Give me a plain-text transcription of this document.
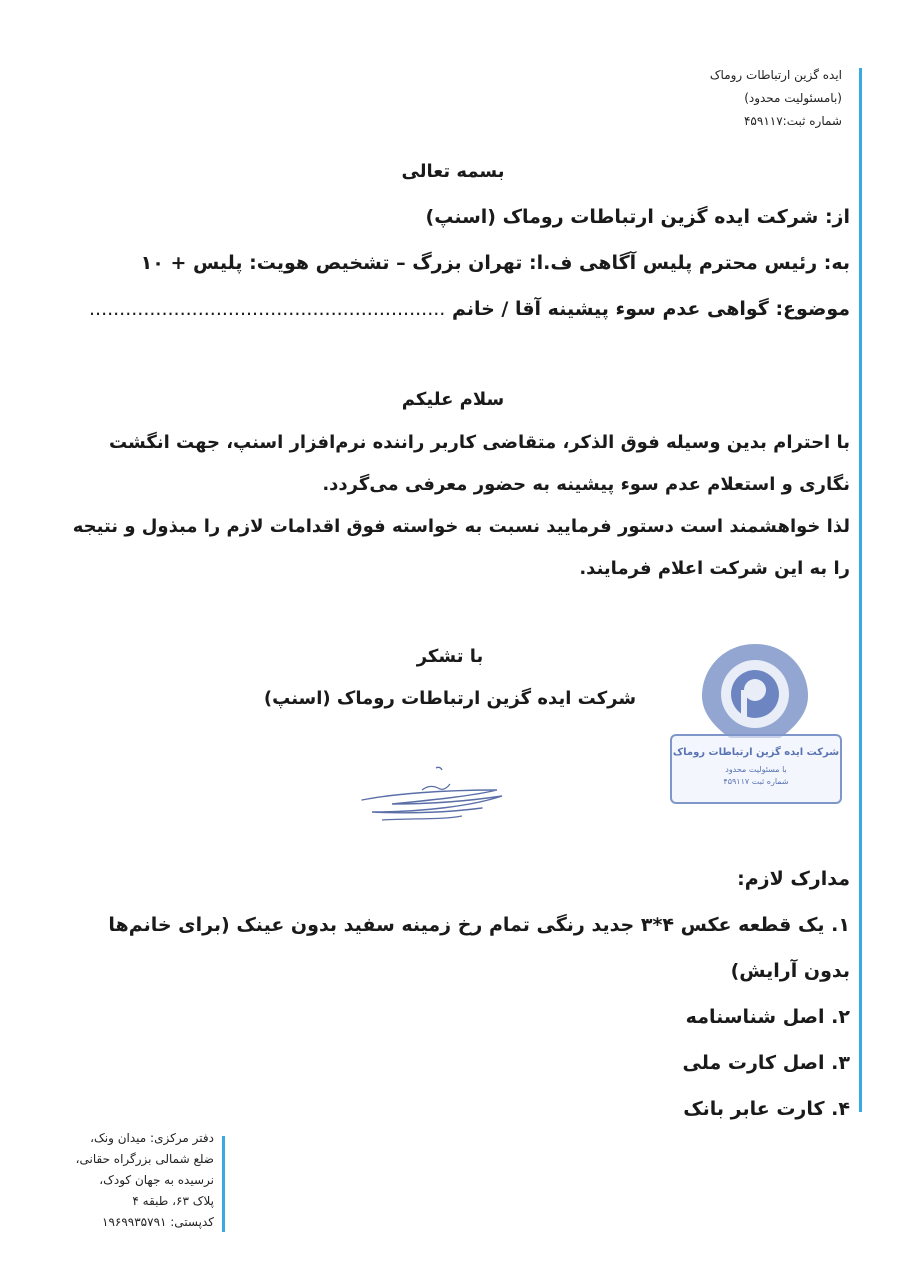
ایده گزین ارتباطات روماک
(بامسئولیت محدود)
شماره ثبت:۴۵۹۱۱۷
بسمه تعالی
از: شرکت ایده گزین ارتباطات روماک (اسنپ)
به: رئیس محترم پلیس آگاهی ف.ا: تهران بزرگ – تشخیص هویت: پلیس + ۱۰
موضوع: گواهی عدم سوء پیشینه آقا / خانم ...........................................................
سلام علیکم

با احترام بدین وسیله فوق الذکر، متقاضی کاربر راننده نرم‌افزار اسنپ، جهت انگشت نگاری و استعلام عدم سوء پیشینه به حضور معرفی می‌گردد.

لذا خواهشمند است دستور فرمایید نسبت به خواسته فوق اقدامات لازم را مبذول و نتیجه را به این شرکت اعلام فرمایند.

با تشکر
شرکت ایده گزین ارتباطات روماک (اسنپ)
شرکت ایده گزین ارتباطات روماک
با مسئولیت محدود
شماره ثبت ۴۵۹۱۱۷
مدارک لازم:
۱. یک قطعه عکس ۴*۳ جدید رنگی تمام رخ زمینه سفید بدون عینک (برای خانم‌ها بدون آرایش)
۲. اصل شناسنامه
۳. اصل کارت ملی
۴. کارت عابر بانک
دفتر مرکزی: میدان ونک،
ضلع شمالی بزرگراه حقانی،
نرسیده به جهان کودک،
پلاک ۶۳، طبقه ۴
کدپستی: ۱۹۶۹۹۳۵۷۹۱
